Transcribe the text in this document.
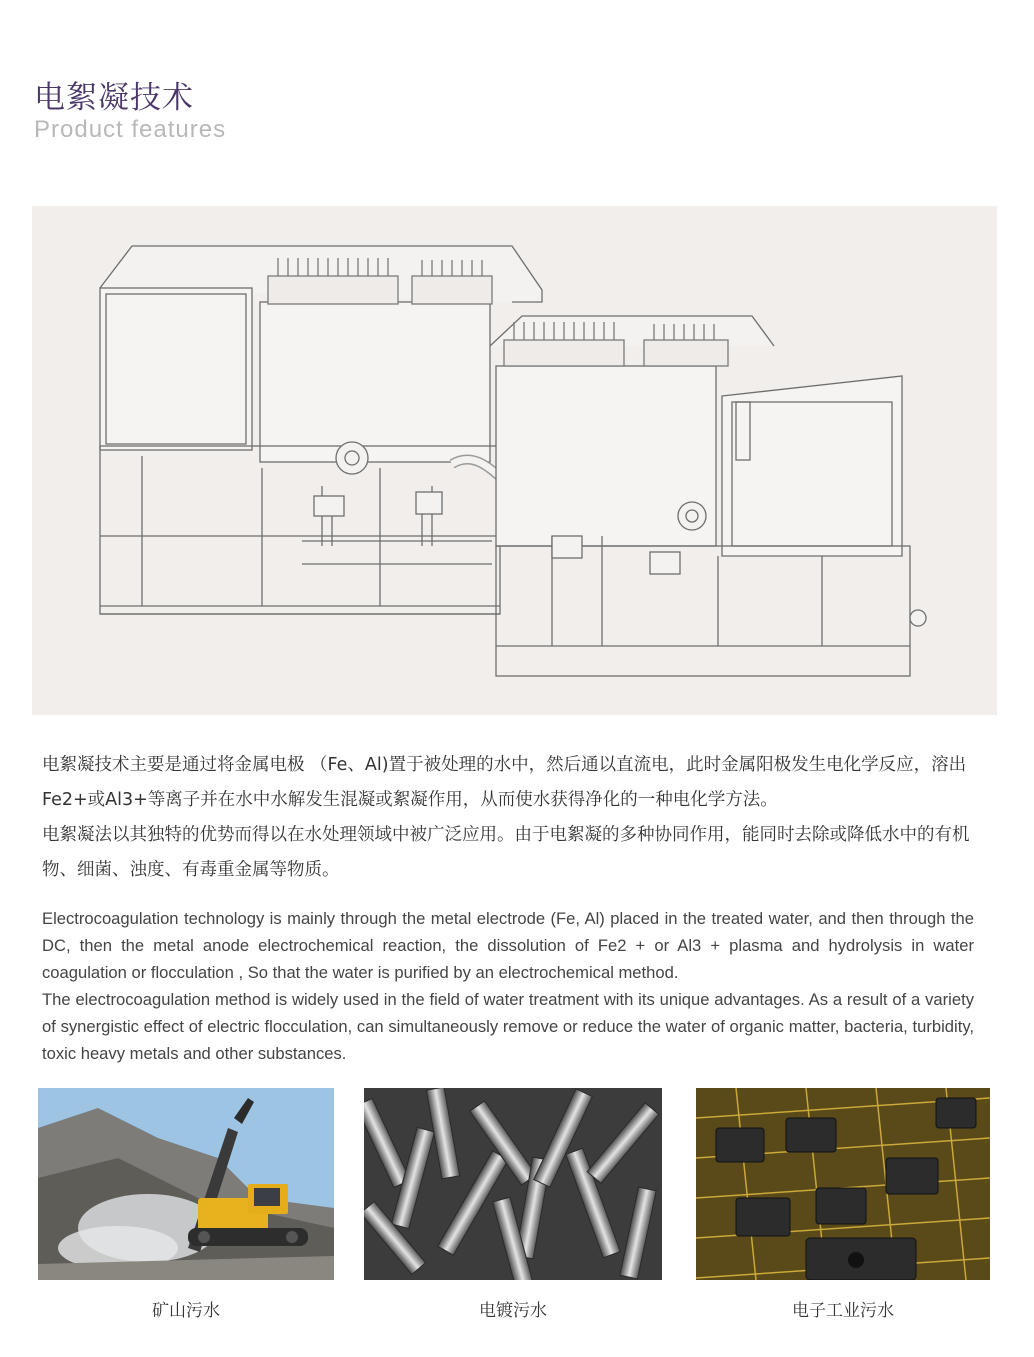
电絮凝技术
Product features
电絮凝技术主要是通过将金属电极 （Fe、Al)置于被处理的水中，然后通以直流电，此时金属阳极发生电化学反应，溶出Fe2+或Al3+等离子并在水中水解发生混凝或絮凝作用，从而使水获得净化的一种电化学方法。
电絮凝法以其独特的优势而得以在水处理领域中被广泛应用。由于电絮凝的多种协同作用，能同时去除或降低水中的有机物、细菌、浊度、有毒重金属等物质。

Electrocoagulation technology is mainly through the metal electrode (Fe, Al) placed in the treated water, and then through the DC, then the metal anode electrochemical reaction, the dissolution of Fe2 + or Al3 + plasma and hydrolysis in water coagulation or flocculation , So that the water is purified by an electrochemical method.

The electrocoagulation method is widely used in the field of water treatment with its unique advantages. As a result of a variety of synergistic effect of electric flocculation, can simultaneously remove or reduce the water of organic matter, bacteria, turbidity, toxic heavy metals and other substances.

矿山污水	电镀污水	电子工业污水
